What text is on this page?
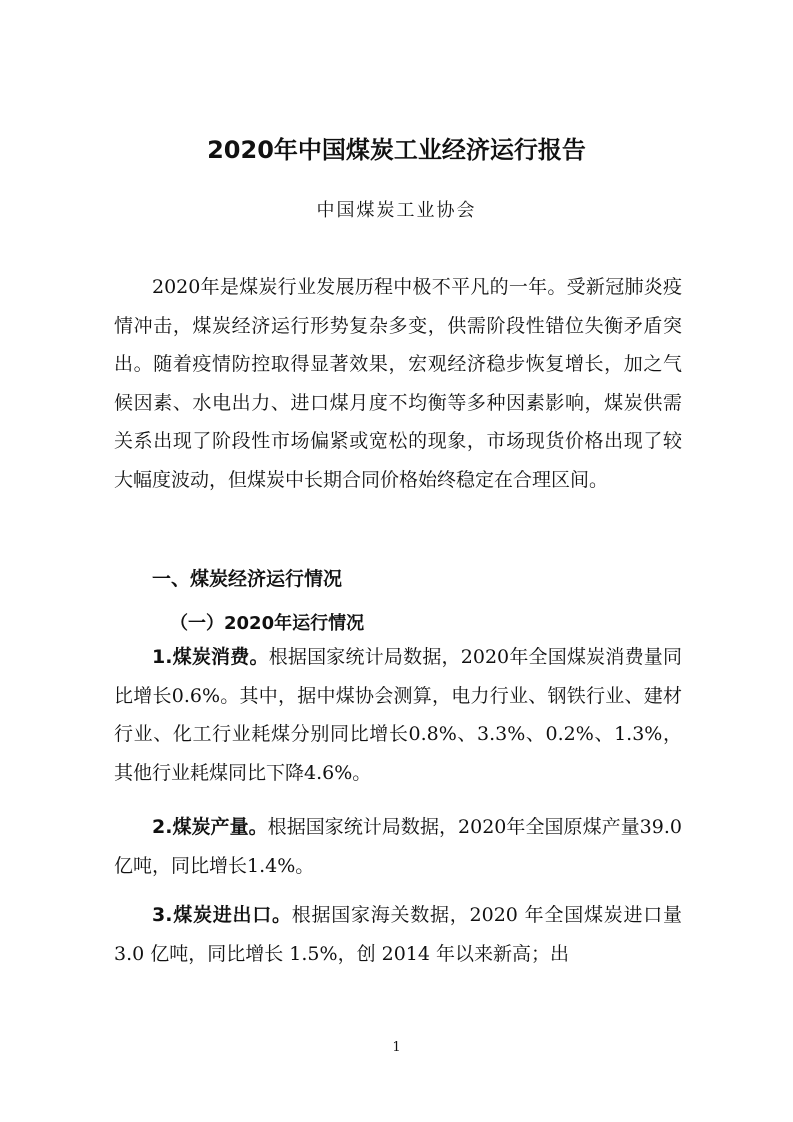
2020年中国煤炭工业经济运行报告
中国煤炭工业协会

2020年是煤炭行业发展历程中极不平凡的一年。受新冠肺炎疫情冲击，煤炭经济运行形势复杂多变，供需阶段性错位失衡矛盾突出。随着疫情防控取得显著效果，宏观经济稳步恢复增长，加之气候因素、水电出力、进口煤月度不均衡等多种因素影响，煤炭供需关系出现了阶段性市场偏紧或宽松的现象，市场现货价格出现了较大幅度波动，但煤炭中长期合同价格始终稳定在合理区间。

一、煤炭经济运行情况
（一）2020年运行情况

1.煤炭消费。根据国家统计局数据，2020年全国煤炭消费量同比增长0.6%。其中，据中煤协会测算，电力行业、钢铁行业、建材行业、化工行业耗煤分别同比增长0.8%、3.3%、0.2%、1.3%，其他行业耗煤同比下降4.6%。

2.煤炭产量。根据国家统计局数据，2020年全国原煤产量39.0亿吨，同比增长1.4%。

3.煤炭进出口。根据国家海关数据，2020 年全国煤炭进口量 3.0 亿吨，同比增长 1.5%，创 2014 年以来新高；出

1
